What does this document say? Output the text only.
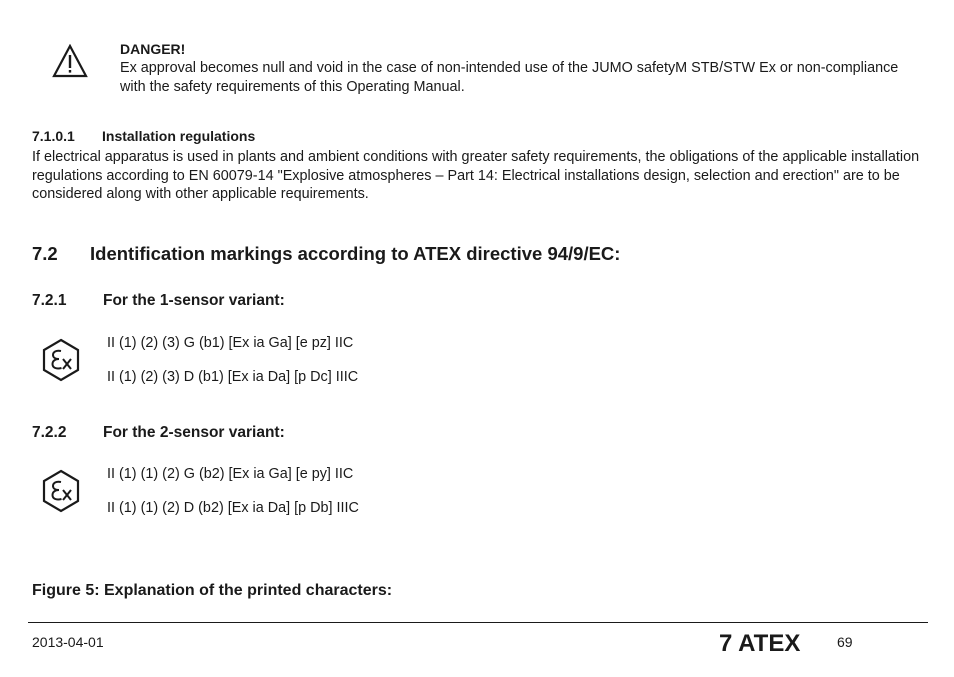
DANGER!
Ex approval becomes null and void in the case of non-intended use of the JUMO safetyM STB/STW Ex or non-compliance with the safety requirements of this Operating Manual.
7.1.0.1 Installation regulations
If electrical apparatus is used in plants and ambient conditions with greater safety requirements, the obligations of the applicable installation regulations according to EN 60079-14 "Explosive atmospheres – Part 14: Electrical installations design, selection and erection" are to be considered along with other applicable requirements.
7.2 Identification markings according to ATEX directive 94/9/EC:
7.2.1 For the 1-sensor variant:
II (1) (2) (3) G (b1) [Ex ia Ga] [e pz] IIC
II (1) (2) (3) D (b1) [Ex ia Da] [p Dc] IIIC
7.2.2 For the 2-sensor variant:
II (1) (1) (2) G (b2) [Ex ia Ga] [e py] IIC
II (1) (1) (2) D (b2) [Ex ia Da] [p Db] IIIC
Figure 5: Explanation of the printed characters:
2013-04-01	7 ATEX	69
